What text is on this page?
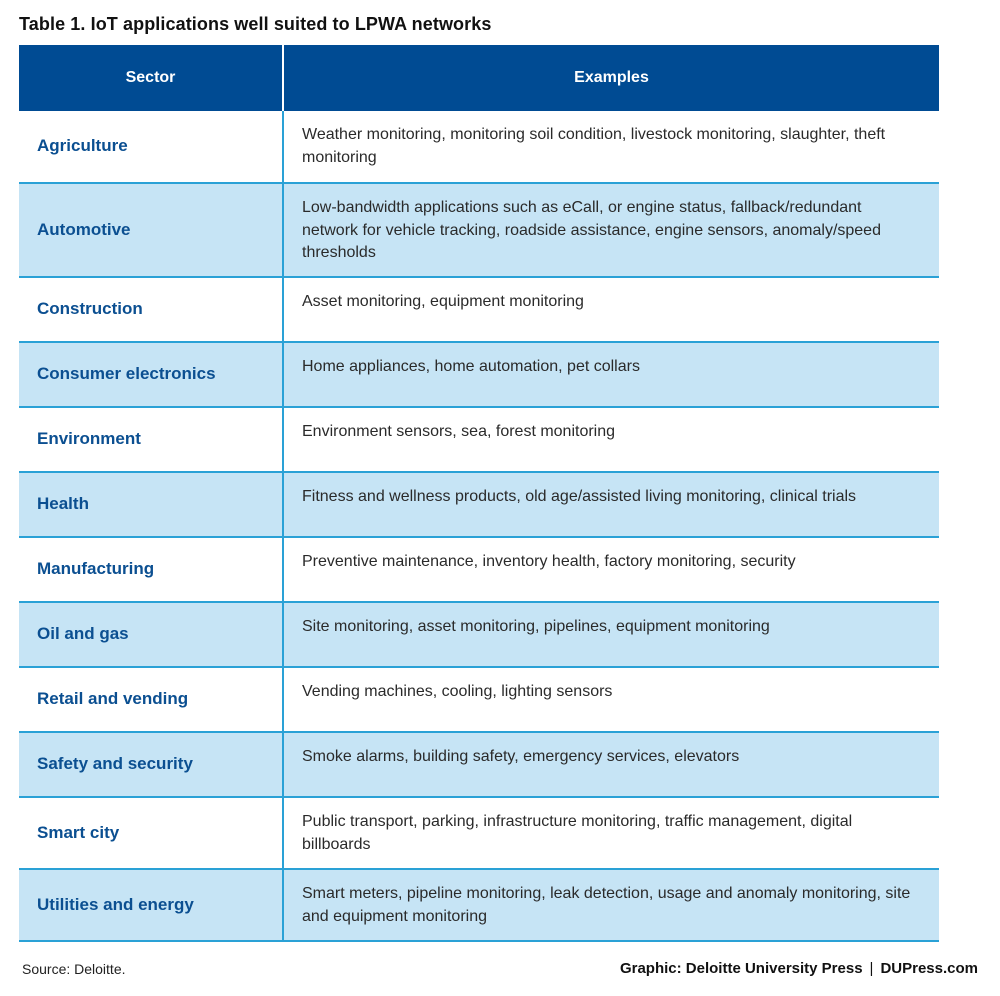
Table 1. IoT applications well suited to LPWA networks
Sector	Examples
Agriculture	Weather monitoring, monitoring soil condition, livestock monitoring, slaughter, theft monitoring
Automotive	Low-bandwidth applications such as eCall, or engine status, fallback/redundant network for vehicle tracking, roadside assistance, engine sensors, anomaly/speed thresholds
Construction	Asset monitoring, equipment monitoring
Consumer electronics	Home appliances, home automation, pet collars
Environment	Environment sensors, sea, forest monitoring
Health	Fitness and wellness products, old age/assisted living monitoring, clinical trials
Manufacturing	Preventive maintenance, inventory health, factory monitoring, security
Oil and gas	Site monitoring, asset monitoring, pipelines, equipment monitoring
Retail and vending	Vending machines, cooling, lighting sensors
Safety and security	Smoke alarms, building safety, emergency services, elevators
Smart city	Public transport, parking, infrastructure monitoring, traffic management, digital billboards
Utilities and energy	Smart meters, pipeline monitoring, leak detection, usage and anomaly monitoring, site and equipment monitoring
Source: Deloitte.	Graphic: Deloitte University Press | DUPress.com
